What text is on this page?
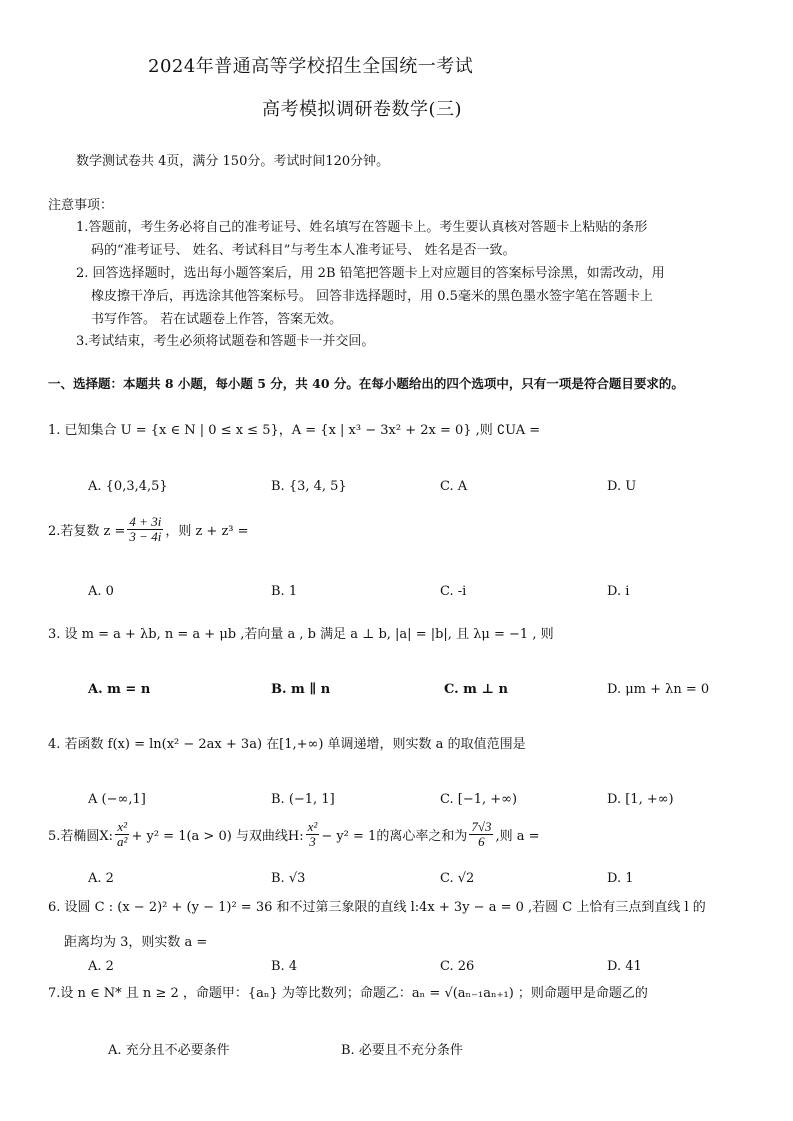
2024年普通高等学校招生全国统一考试
高考模拟调研卷数学(三)
数学测试卷共 4页，满分 150分。考试时间120分钟。
注意事项：
1.答题前，考生务必将自己的准考证号、姓名填写在答题卡上。考生要认真核对答题卡上粘贴的条形
码的“准考证号、 姓名、考试科目”与考生本人准考证号、 姓名是否一致。
2. 回答选择题时，选出每小题答案后，用 2B 铅笔把答题卡上对应题目的答案标号涂黑，如需改动，用
橡皮擦干净后，再选涂其他答案标号。 回答非选择题时，用 0.5毫米的黑色墨水签字笔在答题卡上
书写作答。 若在试题卷上作答，答案无效。
3.考试结束，考生必须将试题卷和答题卡一并交回。
一、选择题：本题共 8 小题，每小题 5 分，共 40 分。在每小题给出的四个选项中，只有一项是符合题目要求的。
1. 已知集合 U = {x ∈ N | 0 ≤ x ≤ 5}，A = {x | x³ − 3x² + 2x = 0} ,则 ∁UA =
A. {0,3,4,5}	B. {3, 4, 5}	C. A	D. U
2.若复数 $z = \frac{4 + 3i}{3 - 4i}$ ，则 z + z³ =
A. 0	B. 1	C. -i	D. i
3. 设 m = a + λb, n = a + μb ,若向量 a , b 满足 a ⊥ b, |a| = |b|, 且 λμ = −1 , 则
A. m = n	B. m ∥ n	C. m ⊥ n	D. μm + λn = 0
4. 若函数 f(x) = ln(x² − 2ax + 3a) 在[1,+∞) 单调递增，则实数 a 的取值范围是
A (−∞,1]	B. (−1, 1]	C. [−1, +∞)	D. [1, +∞)
5.若椭圆X: $\frac{\text{x²}}{\text{a²}} + y^2 = 1(a > 0)$ 与双曲线H: $\frac{\text{x²}}{3} - y^2 = 1$的离心率之和为 $\frac{7√3}{6}$ ,则 a =
A. 2	B. √3	C. √2	D. 1
6. 设圆 C : (x − 2)² + (y − 1)² = 36 和不过第三象限的直线 l:4x + 3y − a = 0 ,若圆 C 上恰有三点到直线 l 的
距离均为 3，则实数 a =
A. 2	B. 4	C. 26	D. 41
7.设 n ∈ N* 且 n ≥ 2 ，命题甲：{aₙ} 为等比数列；命题乙：aₙ = √(aₙ₋₁aₙ₊₁) ；则命题甲是命题乙的
A. 充分且不必要条件	B. 必要且不充分条件
